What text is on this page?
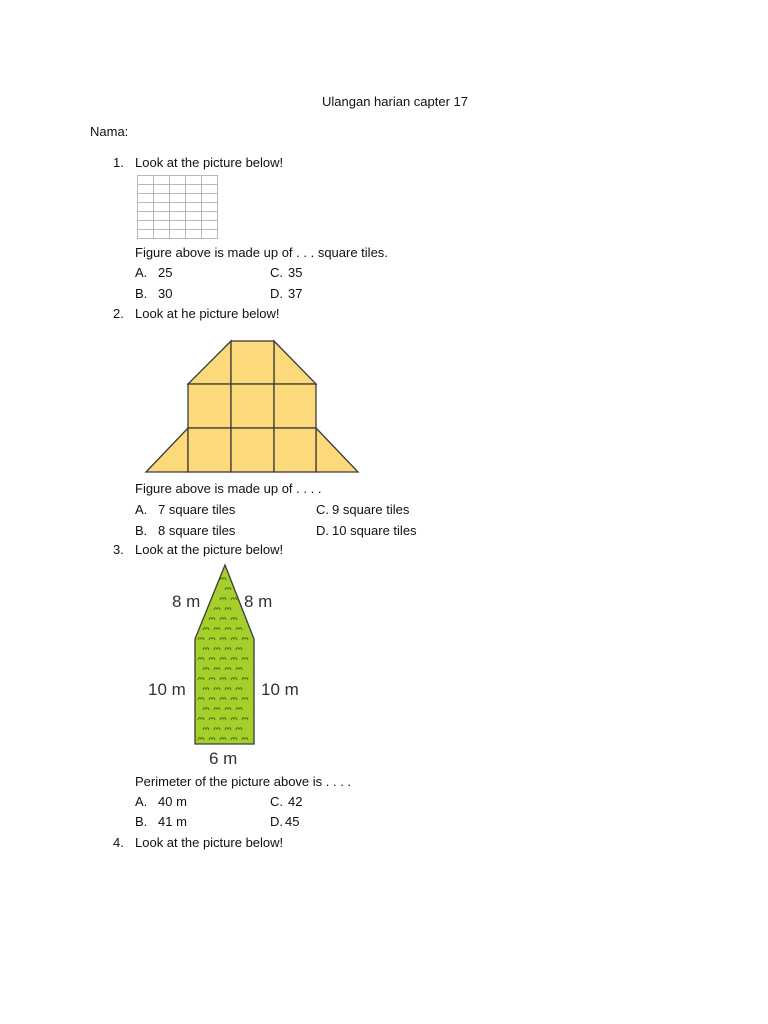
Ulangan harian capter 17
Nama:
1. Look at the picture below!
Figure above is made up of . . . square tiles.
A. 25	C. 35
B. 30	D. 37
2. Look at he picture below!
Figure above is made up of . . . .
A. 7 square tiles	C. 9 square tiles
B. 8 square tiles	D. 10 square tiles
3. Look at the picture below!
8 m	8 m
10 m	10 m
6 m
Perimeter of the picture above is . . . .
A. 40 m	C. 42
B. 41 m	D. 45
4. Look at the picture below!
